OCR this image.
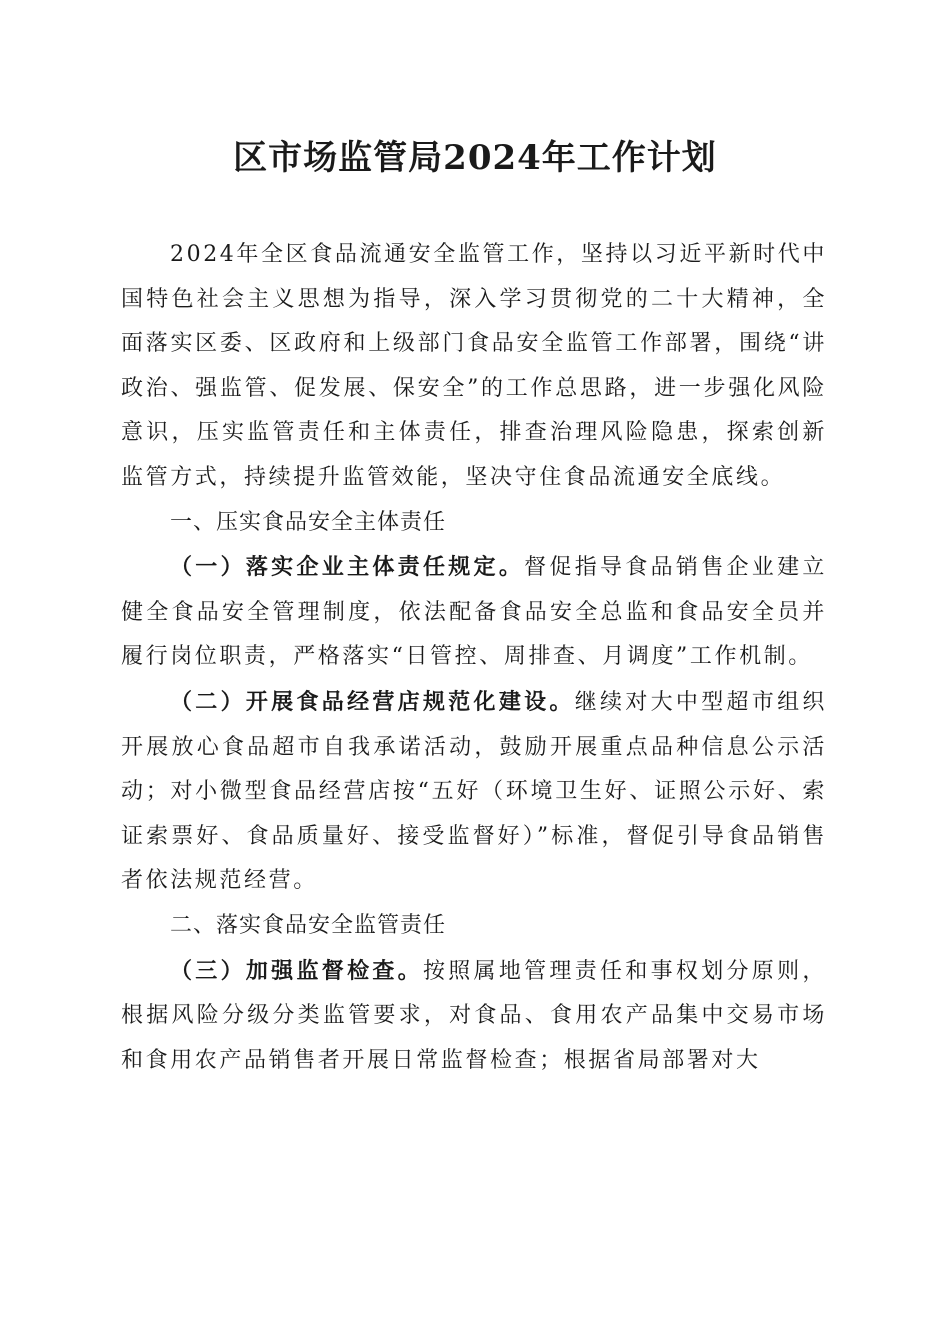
区市场监管局2024年工作计划

2024年全区食品流通安全监管工作，坚持以习近平新时代中国特色社会主义思想为指导，深入学习贯彻党的二十大精神，全面落实区委、区政府和上级部门食品安全监管工作部署，围绕“讲政治、强监管、促发展、保安全”的工作总思路，进一步强化风险意识，压实监管责任和主体责任，排查治理风险隐患，探索创新监管方式，持续提升监管效能，坚决守住食品流通安全底线。

一、压实食品安全主体责任

（一）落实企业主体责任规定。督促指导食品销售企业建立健全食品安全管理制度，依法配备食品安全总监和食品安全员并履行岗位职责，严格落实“日管控、周排查、月调度”工作机制。

（二）开展食品经营店规范化建设。继续对大中型超市组织开展放心食品超市自我承诺活动，鼓励开展重点品种信息公示活动；对小微型食品经营店按“五好（环境卫生好、证照公示好、索证索票好、食品质量好、接受监督好）”标准，督促引导食品销售者依法规范经营。

二、落实食品安全监管责任

（三）加强监督检查。按照属地管理责任和事权划分原则，根据风险分级分类监管要求，对食品、食用农产品集中交易市场和食用农产品销售者开展日常监督检查；根据省局部署对大
